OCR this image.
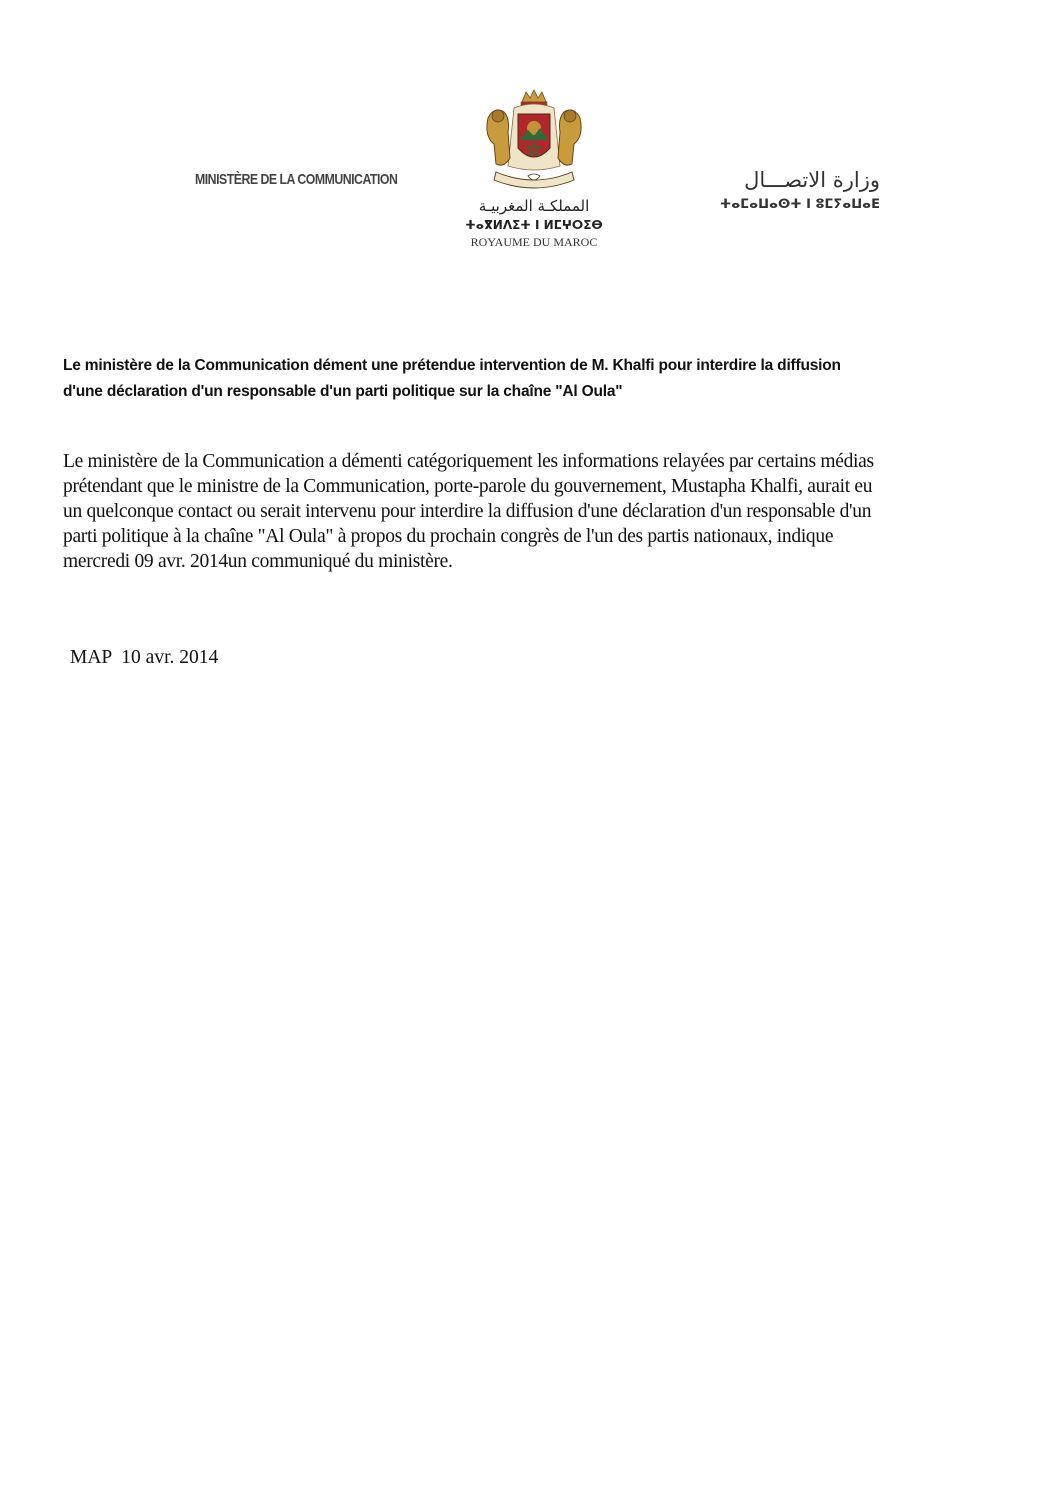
MINISTÈRE DE LA COMMUNICATION
المملكـة المغربيـة
ⵜⴰⴳⵍⴷⵉⵜ ⵏ ⵍⵎⵖⵔⵉⴱ
ROYAUME DU MAROC
وزارة الاتصـــال
ⵜⴰⵎⴰⵡⴰⵙⵜ ⵏ ⵓⵎⵢⴰⵡⴰⴹ
Le ministère de la Communication dément une prétendue intervention de M. Khalfi pour interdire la diffusion
d'une déclaration d'un responsable d'un parti politique sur la chaîne "Al Oula"
Le ministère de la Communication a démenti catégoriquement les informations relayées par certains médias
prétendant que le ministre de la Communication, porte-parole du gouvernement, Mustapha Khalfi, aurait eu
un quelconque contact ou serait intervenu pour interdire la diffusion d'une déclaration d'un responsable d'un
parti politique à la chaîne "Al Oula" à propos du prochain congrès de l'un des partis nationaux, indique
mercredi 09 avr. 2014un communiqué du ministère.
MAP  10 avr. 2014
